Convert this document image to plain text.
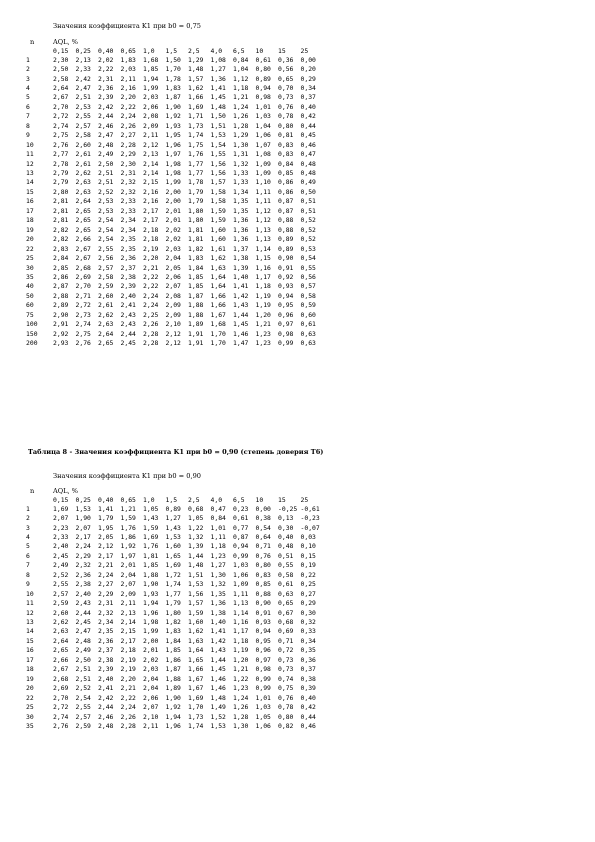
Значения коэффициента K1 при b0 = 0,75
n	AQL, %
	0,15	0,25	0,40	0,65	1,0	1,5	2,5	4,0	6,5	10	15	25
1	2,30	2,13	2,02	1,83	1,68	1,50	1,29	1,08	0,84	0,61	0,36	0,00
2	2,50	2,33	2,22	2,03	1,85	1,70	1,48	1,27	1,04	0,80	0,56	0,20
3	2,58	2,42	2,31	2,11	1,94	1,78	1,57	1,36	1,12	0,89	0,65	0,29
4	2,64	2,47	2,36	2,16	1,99	1,83	1,62	1,41	1,18	0,94	0,70	0,34
5	2,67	2,51	2,39	2,20	2,03	1,87	1,66	1,45	1,21	0,98	0,73	0,37
6	2,70	2,53	2,42	2,22	2,06	1,90	1,69	1,48	1,24	1,01	0,76	0,40
7	2,72	2,55	2,44	2,24	2,08	1,92	1,71	1,50	1,26	1,03	0,78	0,42
8	2,74	2,57	2,46	2,26	2,09	1,93	1,73	1,51	1,28	1,04	0,80	0,44
9	2,75	2,58	2,47	2,27	2,11	1,95	1,74	1,53	1,29	1,06	0,81	0,45
10	2,76	2,60	2,48	2,28	2,12	1,96	1,75	1,54	1,30	1,07	0,83	0,46
11	2,77	2,61	2,49	2,29	2,13	1,97	1,76	1,55	1,31	1,08	0,83	0,47
12	2,78	2,61	2,50	2,30	2,14	1,98	1,77	1,56	1,32	1,09	0,84	0,48
13	2,79	2,62	2,51	2,31	2,14	1,98	1,77	1,56	1,33	1,09	0,85	0,48
14	2,79	2,63	2,51	2,32	2,15	1,99	1,78	1,57	1,33	1,10	0,86	0,49
15	2,80	2,63	2,52	2,32	2,16	2,00	1,79	1,58	1,34	1,11	0,86	0,50
16	2,81	2,64	2,53	2,33	2,16	2,00	1,79	1,58	1,35	1,11	0,87	0,51
17	2,81	2,65	2,53	2,33	2,17	2,01	1,80	1,59	1,35	1,12	0,87	0,51
18	2,81	2,65	2,54	2,34	2,17	2,01	1,80	1,59	1,36	1,12	0,88	0,52
19	2,82	2,65	2,54	2,34	2,18	2,02	1,81	1,60	1,36	1,13	0,88	0,52
20	2,82	2,66	2,54	2,35	2,18	2,02	1,81	1,60	1,36	1,13	0,89	0,52
22	2,83	2,67	2,55	2,35	2,19	2,03	1,82	1,61	1,37	1,14	0,89	0,53
25	2,84	2,67	2,56	2,36	2,20	2,04	1,83	1,62	1,38	1,15	0,90	0,54
30	2,85	2,68	2,57	2,37	2,21	2,05	1,84	1,63	1,39	1,16	0,91	0,55
35	2,86	2,69	2,58	2,38	2,22	2,06	1,85	1,64	1,40	1,17	0,92	0,56
40	2,87	2,70	2,59	2,39	2,22	2,07	1,85	1,64	1,41	1,18	0,93	0,57
50	2,88	2,71	2,60	2,40	2,24	2,08	1,87	1,66	1,42	1,19	0,94	0,58
60	2,89	2,72	2,61	2,41	2,24	2,09	1,88	1,66	1,43	1,19	0,95	0,59
75	2,90	2,73	2,62	2,43	2,25	2,09	1,88	1,67	1,44	1,20	0,96	0,60
100	2,91	2,74	2,63	2,43	2,26	2,10	1,89	1,68	1,45	1,21	0,97	0,61
150	2,92	2,75	2,64	2,44	2,28	2,12	1,91	1,70	1,46	1,23	0,98	0,63
200	2,93	2,76	2,65	2,45	2,28	2,12	1,91	1,70	1,47	1,23	0,99	0,63
Таблица 8 - Значения коэффициента K1 при b0 = 0,90 (степень доверия T6)
Значения коэффициента K1 при b0 = 0,90
n	AQL, %
	0,15	0,25	0,40	0,65	1,0	1,5	2,5	4,0	6,5	10	15	25
1	1,69	1,53	1,41	1,21	1,05	0,89	0,68	0,47	0,23	0,00	-0,25	-0,61
2	2,07	1,90	1,79	1,59	1,43	1,27	1,05	0,84	0,61	0,38	0,13	-0,23
3	2,23	2,07	1,95	1,76	1,59	1,43	1,22	1,01	0,77	0,54	0,30	-0,07
4	2,33	2,17	2,05	1,86	1,69	1,53	1,32	1,11	0,87	0,64	0,40	0,03
5	2,40	2,24	2,12	1,92	1,76	1,60	1,39	1,18	0,94	0,71	0,48	0,10
6	2,45	2,29	2,17	1,97	1,81	1,65	1,44	1,23	0,99	0,76	0,51	0,15
7	2,49	2,32	2,21	2,01	1,85	1,69	1,48	1,27	1,03	0,80	0,55	0,19
8	2,52	2,36	2,24	2,04	1,88	1,72	1,51	1,30	1,06	0,83	0,58	0,22
9	2,55	2,38	2,27	2,07	1,90	1,74	1,53	1,32	1,09	0,85	0,61	0,25
10	2,57	2,40	2,29	2,09	1,93	1,77	1,56	1,35	1,11	0,88	0,63	0,27
11	2,59	2,43	2,31	2,11	1,94	1,79	1,57	1,36	1,13	0,90	0,65	0,29
12	2,60	2,44	2,32	2,13	1,96	1,80	1,59	1,38	1,14	0,91	0,67	0,30
13	2,62	2,45	2,34	2,14	1,98	1,82	1,60	1,40	1,16	0,93	0,68	0,32
14	2,63	2,47	2,35	2,15	1,99	1,83	1,62	1,41	1,17	0,94	0,69	0,33
15	2,64	2,48	2,36	2,17	2,00	1,84	1,63	1,42	1,18	0,95	0,71	0,34
16	2,65	2,49	2,37	2,18	2,01	1,85	1,64	1,43	1,19	0,96	0,72	0,35
17	2,66	2,50	2,38	2,19	2,02	1,86	1,65	1,44	1,20	0,97	0,73	0,36
18	2,67	2,51	2,39	2,19	2,03	1,87	1,66	1,45	1,21	0,98	0,73	0,37
19	2,68	2,51	2,40	2,20	2,04	1,88	1,67	1,46	1,22	0,99	0,74	0,38
20	2,69	2,52	2,41	2,21	2,04	1,89	1,67	1,46	1,23	0,99	0,75	0,39
22	2,70	2,54	2,42	2,22	2,06	1,90	1,69	1,48	1,24	1,01	0,76	0,40
25	2,72	2,55	2,44	2,24	2,07	1,92	1,70	1,49	1,26	1,03	0,78	0,42
30	2,74	2,57	2,46	2,26	2,10	1,94	1,73	1,52	1,28	1,05	0,80	0,44
35	2,76	2,59	2,48	2,28	2,11	1,96	1,74	1,53	1,30	1,06	0,82	0,46
